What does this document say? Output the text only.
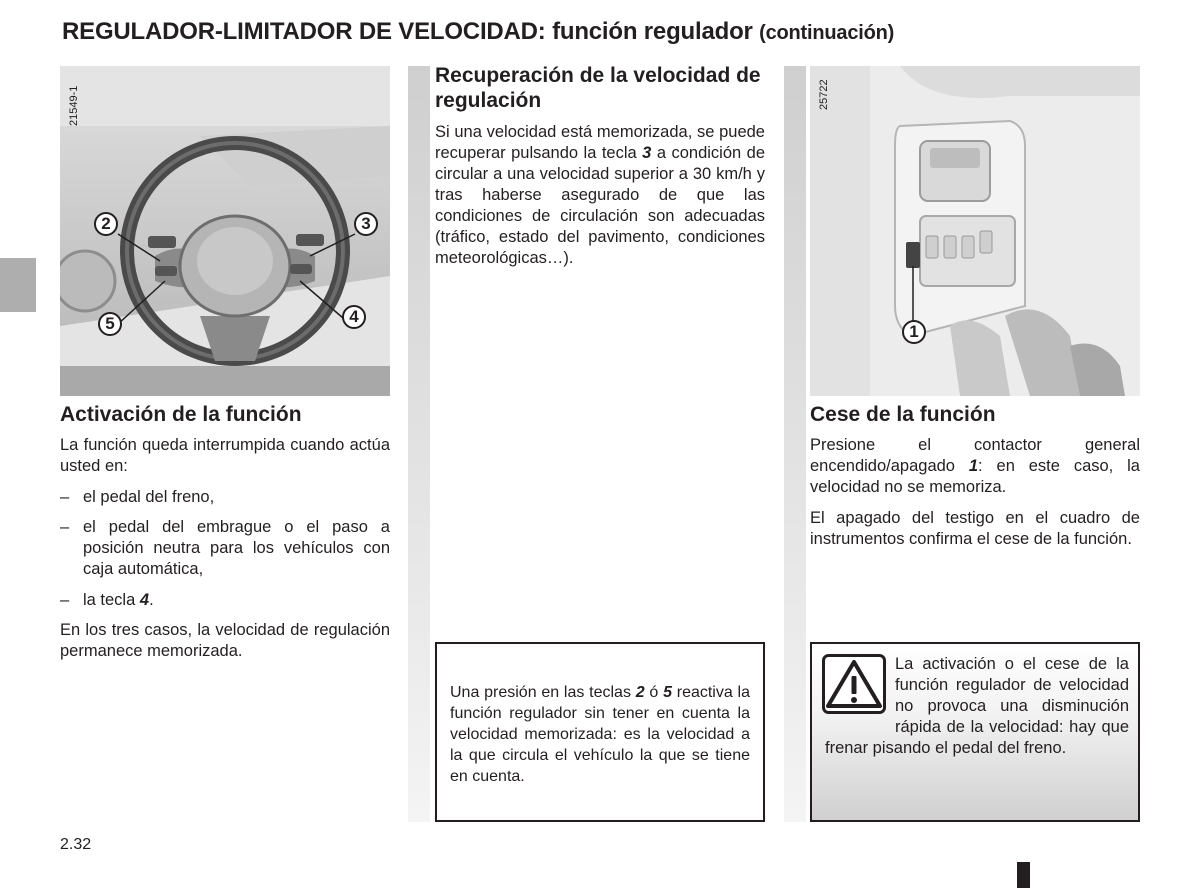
REGULADOR-LIMITADOR DE VELOCIDAD: función regulador (continuación)
21549-1
2	3
5	4
25722
1
Activación de la función

La función queda interrumpida cuando actúa usted en:

– el pedal del freno,

– el pedal del embrague o el paso a posición neutra para los vehículos con caja automática,

– la tecla 4.

En los tres casos, la velocidad de regulación permanece memorizada.

Recuperación de la velocidad de regulación

Si una velocidad está memorizada, se puede recuperar pulsando la tecla 3 a condición de circular a una velocidad superior a 30 km/h y tras haberse asegurado de que las condiciones de circulación son adecuadas (tráfico, estado del pavimento, condiciones meteorológicas…).

Una presión en las teclas 2 ó 5 reactiva la función regulador sin tener en cuenta la velocidad memorizada: es la velocidad a la que circula el vehículo la que se tiene en cuenta.

Cese de la función

Presione el contactor general encendido/apagado 1: en este caso, la velocidad no se memoriza.

El apagado del testigo en el cuadro de instrumentos confirma el cese de la función.

La activación o el cese de la función regulador de velocidad no provoca una disminución rápida de la velocidad: hay que frenar pisando el pedal del freno.
2.32
